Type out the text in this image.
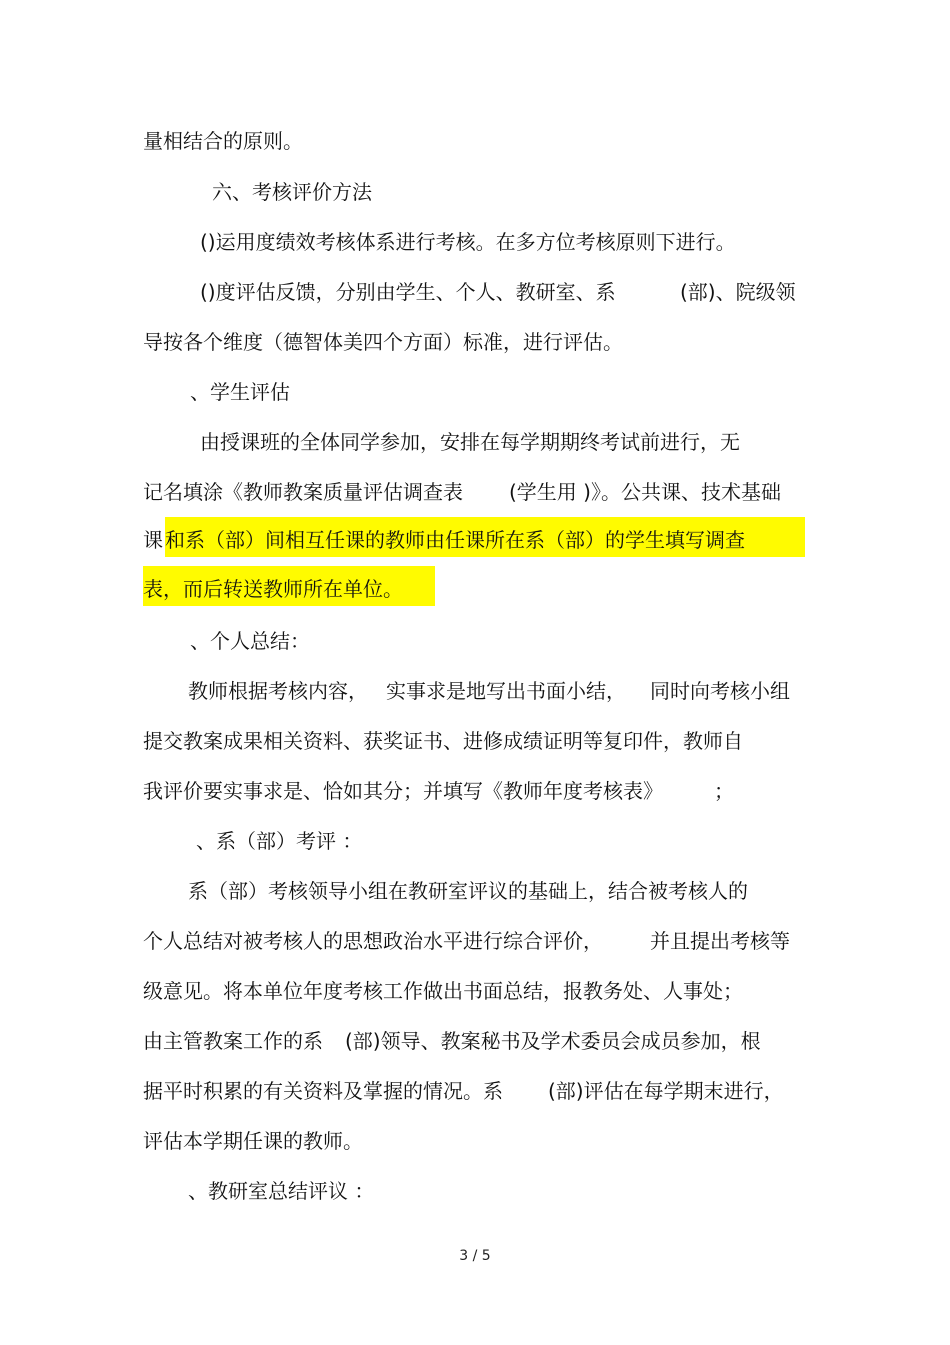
量相结合的原则。
六、考核评价方法
()运用度绩效考核体系进行考核。在多方位考核原则下进行。
()度评估反馈，分别由学生、个人、教研室、系	(部)、院级领
导按各个维度（德智体美四个方面）标准，进行评估。
、学生评估
由授课班的全体同学参加，安排在每学期期终考试前进行，无
记名填涂《教师教案质量评估调查表 (学生用 )》。公共课、技术基础
课 和系（部）间相互任课的教师由任课所在系（部）的学生填写调查
表，而后转送教师所在单位。
、个人总结：
教师根据考核内容， 实事求是地写出书面小结， 同时向考核小组
提交教案成果相关资料、获奖证书、进修成绩证明等复印件，教师自
我评价要实事求是、恰如其分；并填写《教师年度考核表》	；
、系（部）考评 ：
系（部）考核领导小组在教研室评议的基础上，结合被考核人的
个人总结对被考核人的思想政治水平进行综合评价， 并且提出考核等
级意见。将本单位年度考核工作做出书面总结，报教务处、人事处；
由主管教案工作的系 (部)领导、教案秘书及学术委员会成员参加，根
据平时积累的有关资料及掌握的情况。系 (部)评估在每学期末进行，
评估本学期任课的教师。
、教研室总结评议 ：
3 / 5
